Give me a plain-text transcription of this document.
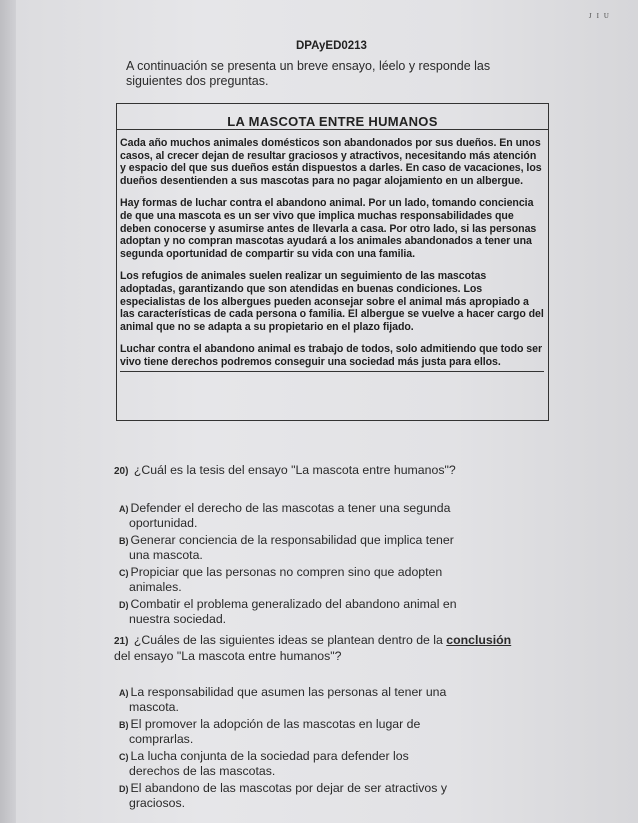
ᴊ ɪ ᴜ
DPAyED0213
A continuación se presenta un breve ensayo, léelo y responde las siguientes dos preguntas.
LA MASCOTA ENTRE HUMANOS

Cada año muchos animales domésticos son abandonados por sus dueños. En unos casos, al crecer dejan de resultar graciosos y atractivos, necesitando más atención y espacio del que sus dueños están dispuestos a darles. En caso de vacaciones, los dueños desentienden a sus mascotas para no pagar alojamiento en un albergue.

Hay formas de luchar contra el abandono animal. Por un lado, tomando conciencia de que una mascota es un ser vivo que implica muchas responsabilidades que deben conocerse y asumirse antes de llevarla a casa. Por otro lado, si las personas adoptan y no compran mascotas ayudará a los animales abandonados a tener una segunda oportunidad de compartir su vida con una familia.

Los refugios de animales suelen realizar un seguimiento de las mascotas adoptadas, garantizando que son atendidas en buenas condiciones. Los especialistas de los albergues pueden aconsejar sobre el animal más apropiado a las características de cada persona o familia. El albergue se vuelve a hacer cargo del animal que no se adapta a su propietario en el plazo fijado.

Luchar contra el abandono animal es trabajo de todos, solo admitiendo que todo ser vivo tiene derechos podremos conseguir una sociedad más justa para ellos.

20) ¿Cuál es la tesis del ensayo "La mascota entre humanos"?

A) Defender el derecho de las mascotas a tener una segunda oportunidad.

B) Generar conciencia de la responsabilidad que implica tener una mascota.

C) Propiciar que las personas no compren sino que adopten animales.

D) Combatir el problema generalizado del abandono animal en nuestra sociedad.

21) ¿Cuáles de las siguientes ideas se plantean dentro de la conclusión del ensayo "La mascota entre humanos"?

A) La responsabilidad que asumen las personas al tener una mascota.

B) El promover la adopción de las mascotas en lugar de comprarlas.

C) La lucha conjunta de la sociedad para defender los derechos de las mascotas.

D) El abandono de las mascotas por dejar de ser atractivos y graciosos.
